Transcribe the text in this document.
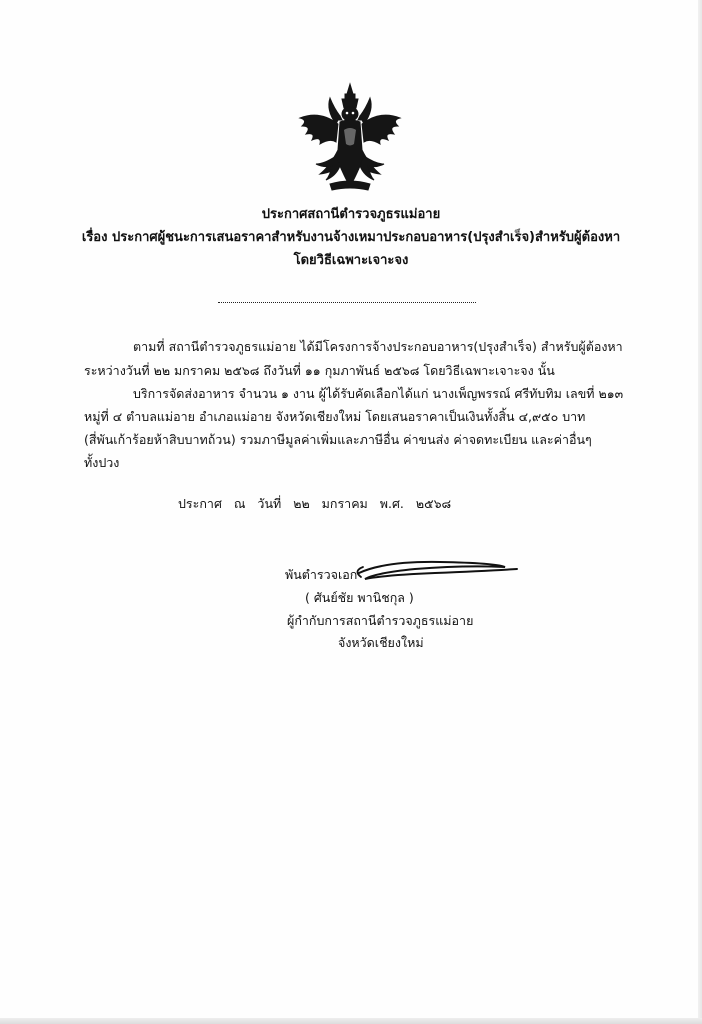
ประกาศสถานีตำรวจภูธรแม่อาย
เรื่อง ประกาศผู้ชนะการเสนอราคาสำหรับงานจ้างเหมาประกอบอาหาร(ปรุงสำเร็จ)สำหรับผู้ต้องหา
โดยวิธีเฉพาะเจาะจง
ตามที่ สถานีตำรวจภูธรแม่อาย ได้มีโครงการจ้างประกอบอาหาร(ปรุงสำเร็จ) สำหรับผู้ต้องหา
ระหว่างวันที่ ๒๒ มกราคม ๒๕๖๘ ถึงวันที่ ๑๑ กุมภาพันธ์ ๒๕๖๘ โดยวิธีเฉพาะเจาะจง นั้น
บริการจัดส่งอาหาร จำนวน ๑ งาน ผู้ได้รับคัดเลือกได้แก่ นางเพ็ญพรรณ์ ศรีทับทิม เลขที่ ๒๑๓
หมู่ที่ ๔ ตำบลแม่อาย อำเภอแม่อาย จังหวัดเชียงใหม่ โดยเสนอราคาเป็นเงินทั้งสิ้น ๔,๙๕๐ บาท
(สี่พันเก้าร้อยห้าสิบบาทถ้วน) รวมภาษีมูลค่าเพิ่มและภาษีอื่น ค่าขนส่ง ค่าจดทะเบียน และค่าอื่นๆ
ทั้งปวง
ประกาศ ณ วันที่ ๒๒ มกราคม พ.ศ. ๒๕๖๘
พันตำรวจเอก
( ศันย์ชัย พานิชกุล )
ผู้กำกับการสถานีตำรวจภูธรแม่อาย
จังหวัดเชียงใหม่
